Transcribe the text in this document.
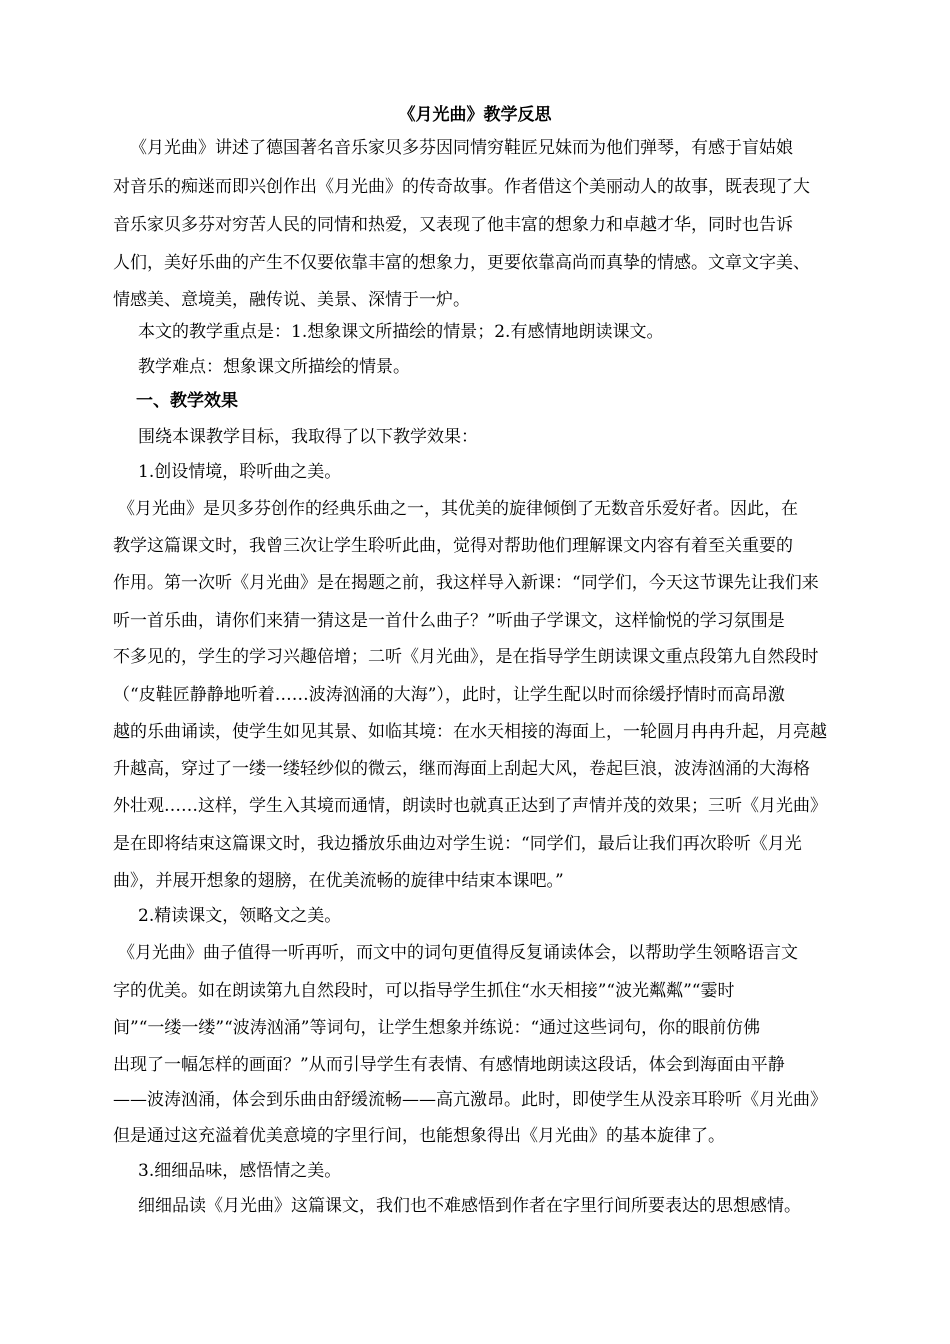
《月光曲》教学反思
《月光曲》讲述了德国著名音乐家贝多芬因同情穷鞋匠兄妹而为他们弹琴，有感于盲姑娘
对音乐的痴迷而即兴创作出《月光曲》的传奇故事。作者借这个美丽动人的故事，既表现了大
音乐家贝多芬对穷苦人民的同情和热爱，又表现了他丰富的想象力和卓越才华，同时也告诉
人们，美好乐曲的产生不仅要依靠丰富的想象力，更要依靠高尚而真挚的情感。文章文字美、
情感美、意境美，融传说、美景、深情于一炉。
本文的教学重点是：1.想象课文所描绘的情景；2.有感情地朗读课文。
教学难点：想象课文所描绘的情景。
一、教学效果
围绕本课教学目标，我取得了以下教学效果：
1.创设情境，聆听曲之美。
《月光曲》是贝多芬创作的经典乐曲之一，其优美的旋律倾倒了无数音乐爱好者。因此，在
教学这篇课文时，我曾三次让学生聆听此曲，觉得对帮助他们理解课文内容有着至关重要的
作用。第一次听《月光曲》是在揭题之前，我这样导入新课：“同学们，今天这节课先让我们来
听一首乐曲，请你们来猜一猜这是一首什么曲子？”听曲子学课文，这样愉悦的学习氛围是
不多见的，学生的学习兴趣倍增；二听《月光曲》，是在指导学生朗读课文重点段第九自然段时
（“皮鞋匠静静地听着……波涛汹涌的大海”），此时，让学生配以时而徐缓抒情时而高昂激
越的乐曲诵读，使学生如见其景、如临其境：在水天相接的海面上，一轮圆月冉冉升起，月亮越
升越高，穿过了一缕一缕轻纱似的微云，继而海面上刮起大风，卷起巨浪，波涛汹涌的大海格
外壮观……这样，学生入其境而通情，朗读时也就真正达到了声情并茂的效果；三听《月光曲》
是在即将结束这篇课文时，我边播放乐曲边对学生说：“同学们，最后让我们再次聆听《月光
曲》，并展开想象的翅膀，在优美流畅的旋律中结束本课吧。”
2.精读课文，领略文之美。
《月光曲》曲子值得一听再听，而文中的词句更值得反复诵读体会，以帮助学生领略语言文
字的优美。如在朗读第九自然段时，可以指导学生抓住“水天相接”“波光粼粼”“霎时
间”“一缕一缕”“波涛汹涌”等词句，让学生想象并练说：“通过这些词句，你的眼前仿佛
出现了一幅怎样的画面？”从而引导学生有表情、有感情地朗读这段话，体会到海面由平静
——波涛汹涌，体会到乐曲由舒缓流畅——高亢激昂。此时，即使学生从没亲耳聆听《月光曲》
但是通过这充溢着优美意境的字里行间，也能想象得出《月光曲》的基本旋律了。
3.细细品味，感悟情之美。
细细品读《月光曲》这篇课文，我们也不难感悟到作者在字里行间所要表达的思想感情。
